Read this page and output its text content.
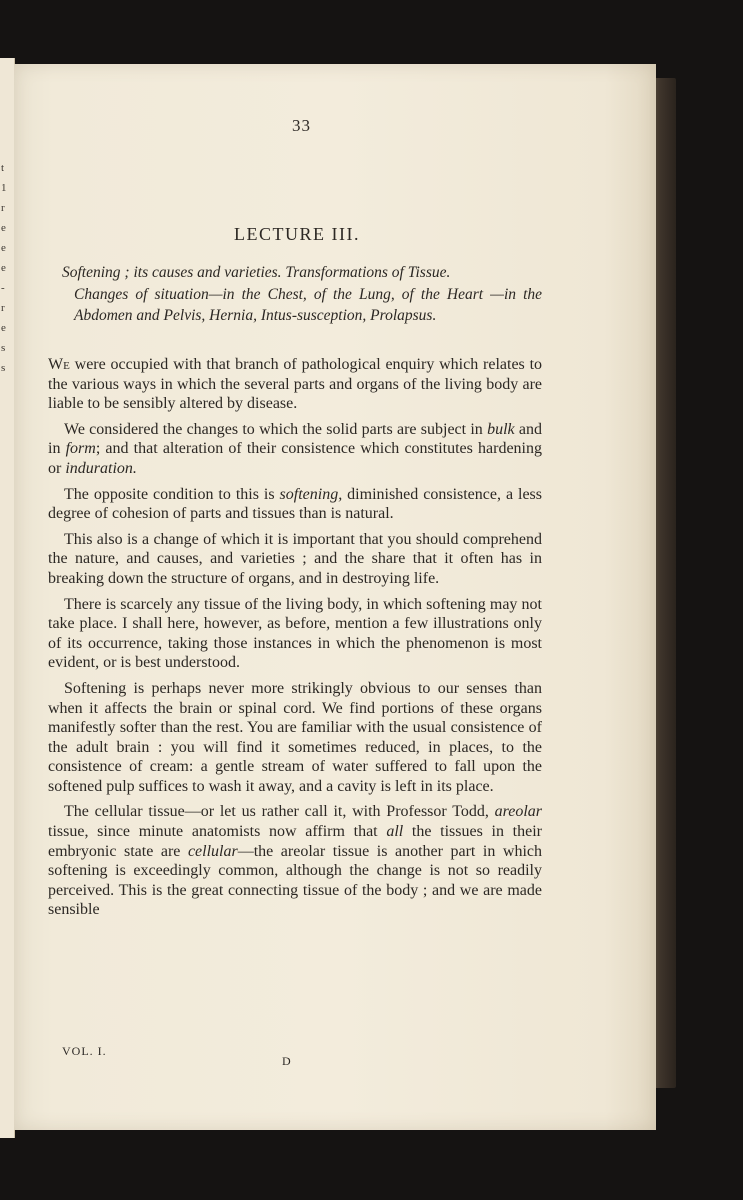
t
1
r
e
e
e
-
r
e
s
s
33
LECTURE III.
Softening ; its causes and varieties. Transformations of Tissue.
Changes of situation—in the Chest, of the Lung, of the Heart —in the Abdomen and Pelvis, Hernia, Intus-susception, Prolapsus.

We were occupied with that branch of pathological enquiry which relates to the various ways in which the several parts and organs of the living body are liable to be sensibly altered by disease.

We considered the changes to which the solid parts are subject in bulk and in form; and that alteration of their consistence which constitutes hardening or induration.

The opposite condition to this is softening, diminished consistence, a less degree of cohesion of parts and tissues than is natural.

This also is a change of which it is important that you should comprehend the nature, and causes, and varieties ; and the share that it often has in breaking down the structure of organs, and in destroying life.

There is scarcely any tissue of the living body, in which softening may not take place. I shall here, however, as before, mention a few illustrations only of its occurrence, taking those instances in which the phenomenon is most evident, or is best understood.

Softening is perhaps never more strikingly obvious to our senses than when it affects the brain or spinal cord. We find portions of these organs manifestly softer than the rest. You are familiar with the usual consistence of the adult brain : you will find it sometimes reduced, in places, to the consistence of cream: a gentle stream of water suffered to fall upon the softened pulp suffices to wash it away, and a cavity is left in its place.

The cellular tissue—or let us rather call it, with Professor Todd, areolar tissue, since minute anatomists now affirm that all the tissues in their embryonic state are cellular—the areolar tissue is another part in which softening is exceedingly common, although the change is not so readily perceived. This is the great connecting tissue of the body ; and we are made sensible

VOL. I.
D
